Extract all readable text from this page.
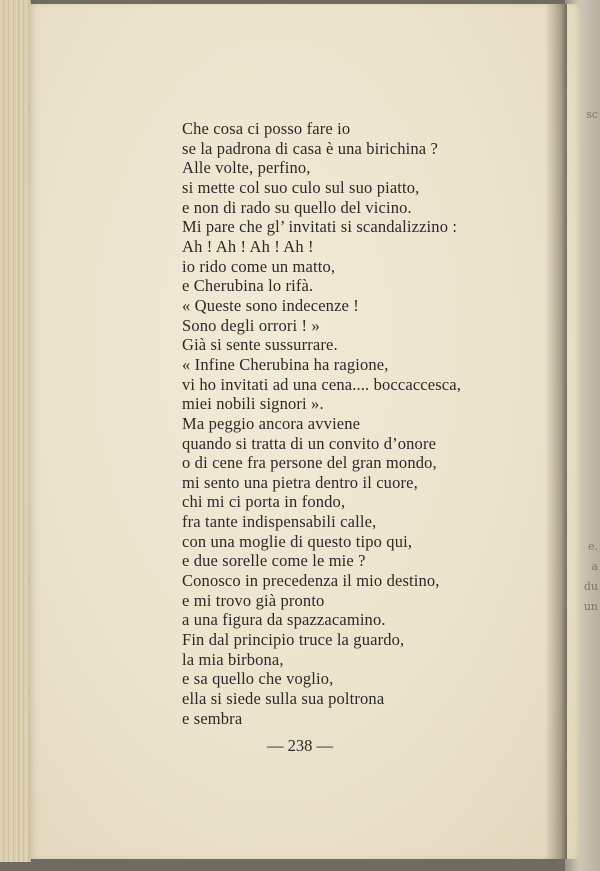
sc
e.
a
du
un
Che cosa ci posso fare io
se la padrona di casa è una birichina ?
Alle volte, perfino,
si mette col suo culo sul suo piatto,
e non di rado su quello del vicino.
Mi pare che gl’ invitati si scandalizzino :
Ah ! Ah ! Ah ! Ah !
io rido come un matto,
e Cherubina lo rifà.
« Queste sono indecenze !
Sono degli orrori ! »
Già si sente sussurrare.
« Infine Cherubina ha ragione,
vi ho invitati ad una cena.... boccaccesca,
miei nobili signori ».
Ma peggio ancora avviene
quando si tratta di un convito d’onore
o di cene fra persone del gran mondo,
mi sento una pietra dentro il cuore,
chi mi ci porta in fondo,
fra tante indispensabili calle,
con una moglie di questo tipo qui,
e due sorelle come le mie ?
Conosco in precedenza il mio destino,
e mi trovo già pronto
a una figura da spazzacamino.
Fin dal principio truce la guardo,
la mia birbona,
e sa quello che voglio,
ella si siede sulla sua poltrona
e sembra
— 238 —
